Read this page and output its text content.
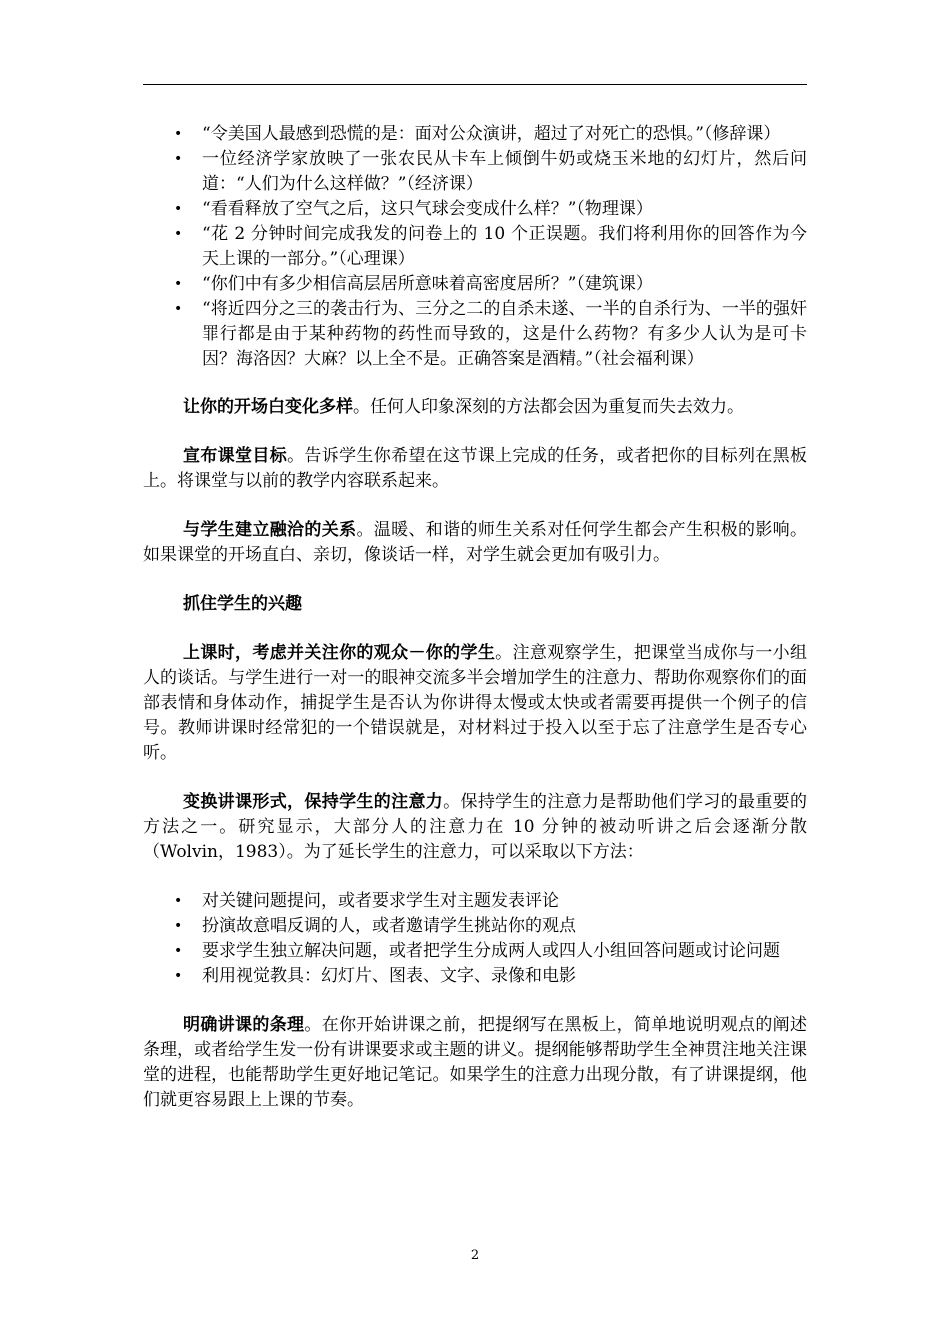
• “令美国人最感到恐慌的是：面对公众演讲，超过了对死亡的恐惧。”（修辞课）
• 一位经济学家放映了一张农民从卡车上倾倒牛奶或烧玉米地的幻灯片，然后问道：“人们为什么这样做？”（经济课）
• “看看释放了空气之后，这只气球会变成什么样？”（物理课）
• “花 2 分钟时间完成我发的问卷上的 10 个正误题。我们将利用你的回答作为今天上课的一部分。”（心理课）
• “你们中有多少相信高层居所意味着高密度居所？”（建筑课）
• “将近四分之三的袭击行为、三分之二的自杀未遂、一半的自杀行为、一半的强奸罪行都是由于某种药物的药性而导致的，这是什么药物？有多少人认为是可卡因？海洛因？大麻？以上全不是。正确答案是酒精。”（社会福利课）

让你的开场白变化多样。任何人印象深刻的方法都会因为重复而失去效力。

宣布课堂目标。告诉学生你希望在这节课上完成的任务，或者把你的目标列在黑板上。将课堂与以前的教学内容联系起来。

与学生建立融洽的关系。温暖、和谐的师生关系对任何学生都会产生积极的影响。如果课堂的开场直白、亲切，像谈话一样，对学生就会更加有吸引力。

抓住学生的兴趣

上课时，考虑并关注你的观众－你的学生。注意观察学生，把课堂当成你与一小组人的谈话。与学生进行一对一的眼神交流多半会增加学生的注意力、帮助你观察你们的面部表情和身体动作，捕捉学生是否认为你讲得太慢或太快或者需要再提供一个例子的信号。教师讲课时经常犯的一个错误就是，对材料过于投入以至于忘了注意学生是否专心听。

变换讲课形式，保持学生的注意力。保持学生的注意力是帮助他们学习的最重要的方法之一。研究显示，大部分人的注意力在 10 分钟的被动听讲之后会逐渐分散（Wolvin，1983）。为了延长学生的注意力，可以采取以下方法：

• 对关键问题提问，或者要求学生对主题发表评论
• 扮演故意唱反调的人，或者邀请学生挑站你的观点
• 要求学生独立解决问题，或者把学生分成两人或四人小组回答问题或讨论问题
• 利用视觉教具：幻灯片、图表、文字、录像和电影

明确讲课的条理。在你开始讲课之前，把提纲写在黑板上，简单地说明观点的阐述条理，或者给学生发一份有讲课要求或主题的讲义。提纲能够帮助学生全神贯注地关注课堂的进程，也能帮助学生更好地记笔记。如果学生的注意力出现分散，有了讲课提纲，他们就更容易跟上上课的节奏。

2
